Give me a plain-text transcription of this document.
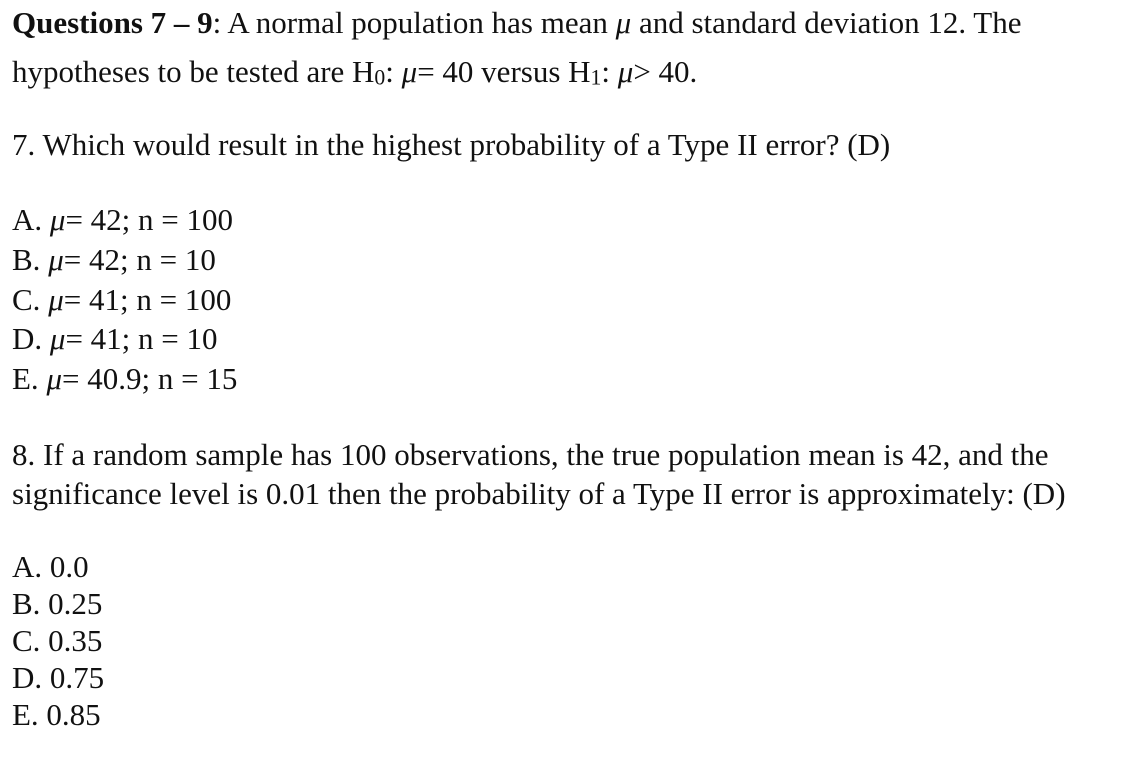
Questions 7 – 9: A normal population has mean μ and standard deviation 12. The
hypotheses to be tested are H0: μ= 40 versus H1: μ> 40.
7. Which would result in the highest probability of a Type II error? (D)
A. μ= 42; n = 100
B. μ= 42; n = 10
C. μ= 41; n = 100
D. μ= 41; n = 10
E. μ= 40.9; n = 15
8. If a random sample has 100 observations, the true population mean is 42, and the
significance level is 0.01 then the probability of a Type II error is approximately: (D)
A. 0.0
B. 0.25
C. 0.35
D. 0.75
E. 0.85
